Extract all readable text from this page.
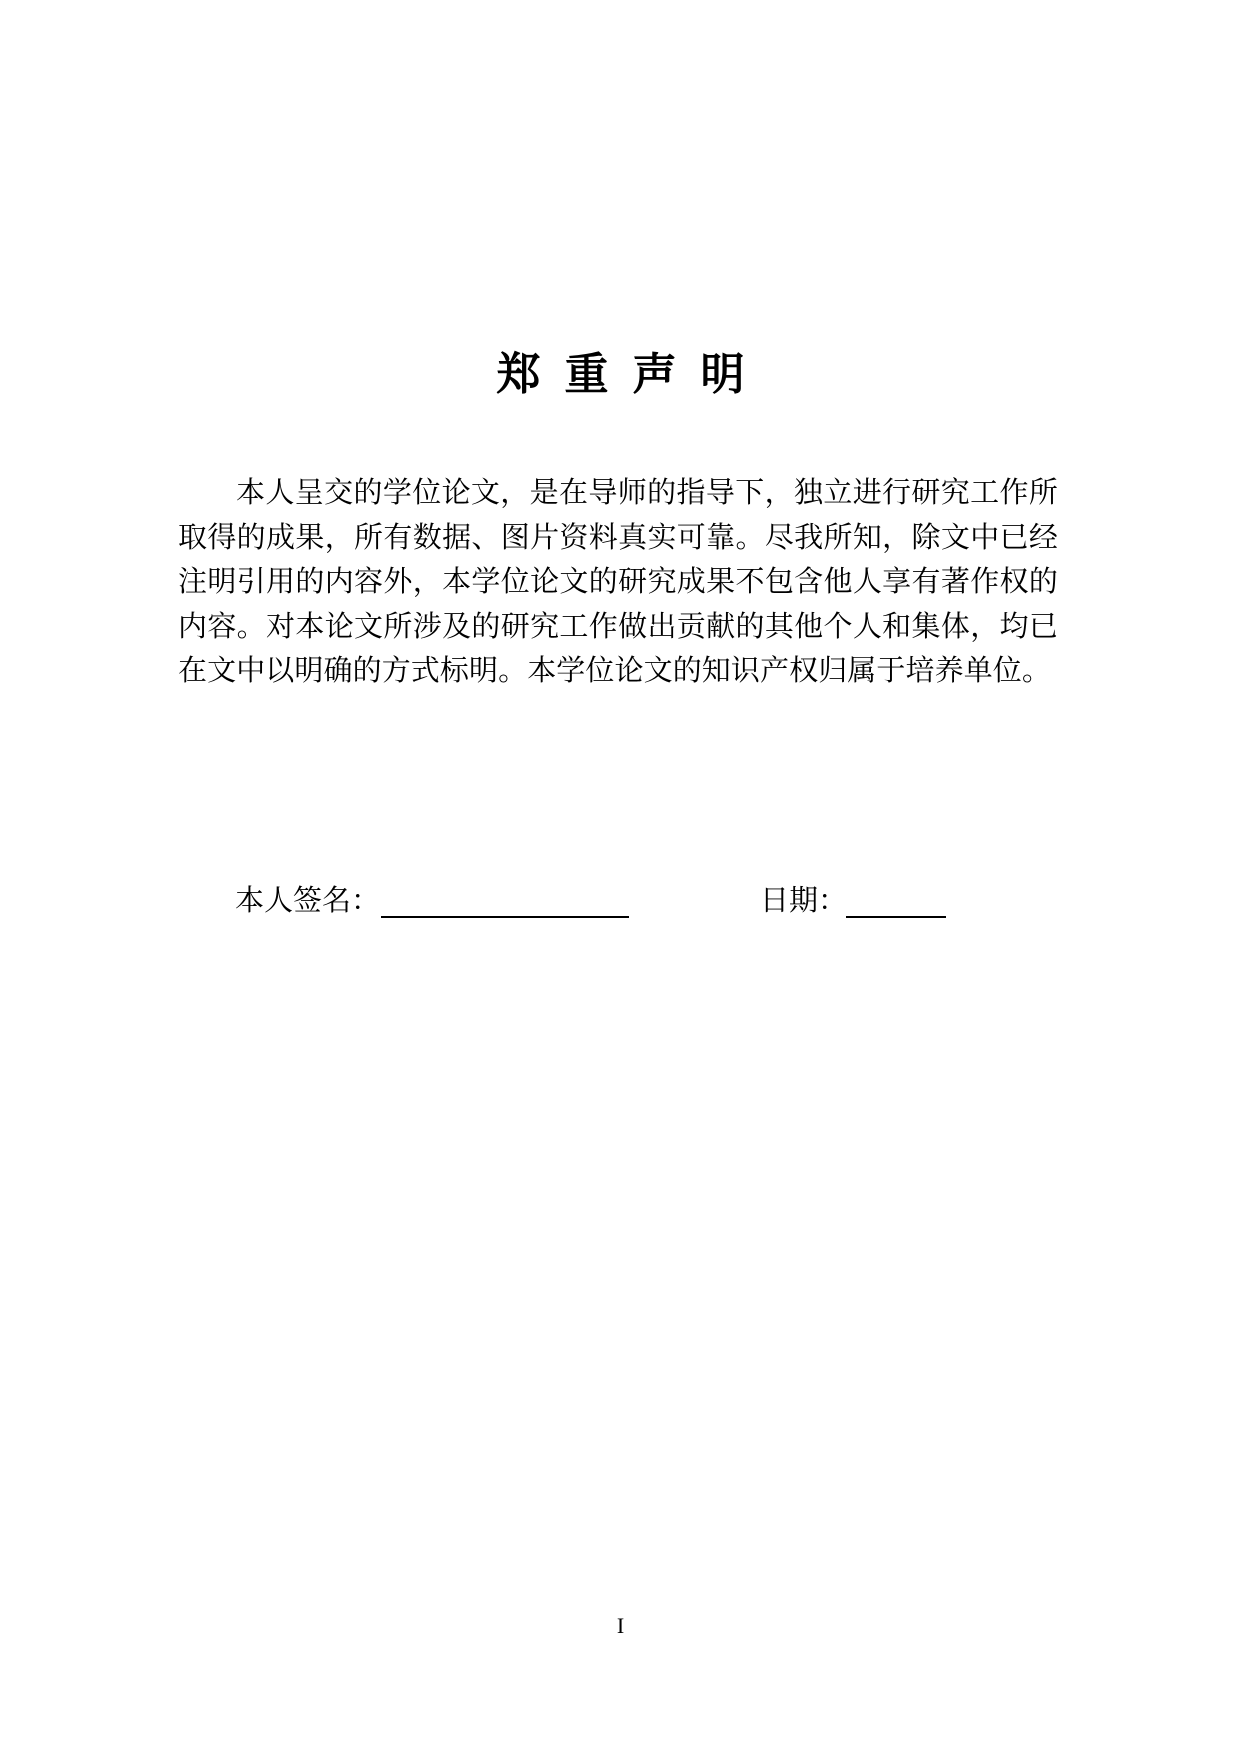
郑重声明

本人呈交的学位论文，是在导师的指导下，独立进行研究工作所取得的成果，所有数据、图片资料真实可靠。尽我所知，除文中已经注明引用的内容外，本学位论文的研究成果不包含他人享有著作权的内容。对本论文所涉及的研究工作做出贡献的其他个人和集体，均已在文中以明确的方式标明。本学位论文的知识产权归属于培养单位。

本人签名：	日期：
I
